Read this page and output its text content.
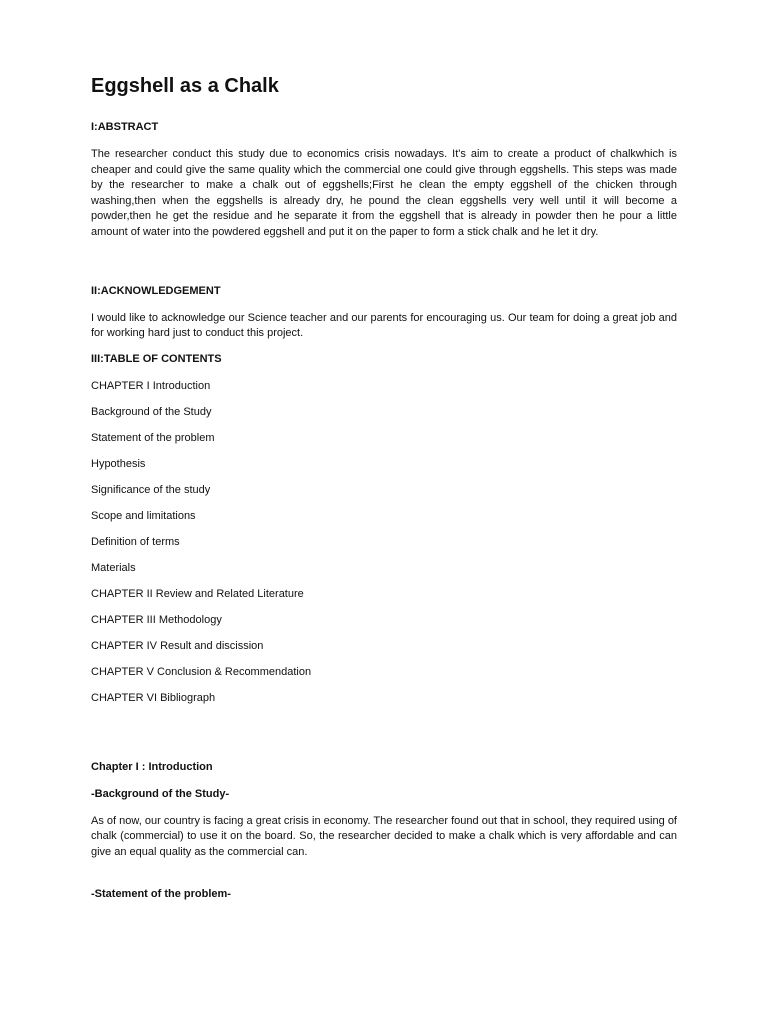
Eggshell as a Chalk
I:ABSTRACT

The researcher conduct this study due to economics crisis nowadays. It's aim to create a product of chalkwhich is cheaper and could give the same quality which the commercial one could give through eggshells. This steps was made by the researcher to make a chalk out of eggshells;First he clean the empty eggshell of the chicken through washing,then when the eggshells is already dry, he pound the clean eggshells very well until it will become a powder,then he get the residue and he separate it from the eggshell that is already in powder then he pour a little amount of water into the powdered eggshell and put it on the paper to form a stick chalk and he let it dry.

II:ACKNOWLEDGEMENT

I would like to acknowledge our Science teacher and our parents for encouraging us. Our team for doing a great job and for working hard just to conduct this project.

III:TABLE OF CONTENTS
CHAPTER I Introduction
Background of the Study
Statement of the problem
Hypothesis
Significance of the study
Scope and limitations
Definition of terms
Materials
CHAPTER II Review and Related Literature
CHAPTER III Methodology
CHAPTER IV Result and discission
CHAPTER V Conclusion & Recommendation
CHAPTER VI Bibliograph
Chapter I : Introduction
-Background of the Study-

As of now, our country is facing a great crisis in economy. The researcher found out that in school, they required using of chalk (commercial) to use it on the board. So, the researcher decided to make a chalk which is very affordable and can give an equal quality as the commercial can.

-Statement of the problem-
